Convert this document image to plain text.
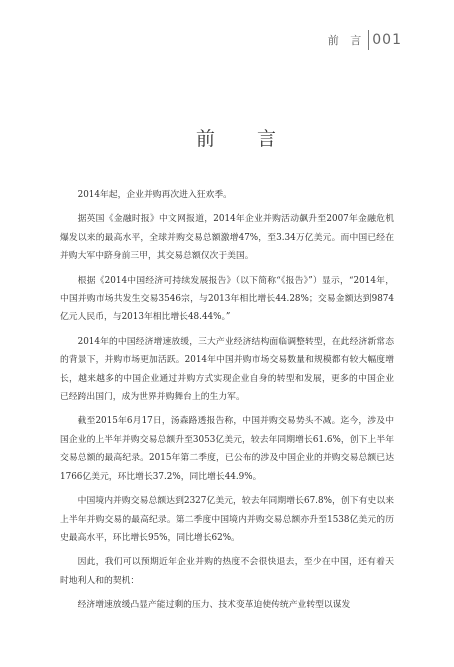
前 言 001
前 言

2014年起，企业并购再次进入狂欢季。

据英国《金融时报》中文网报道，2014年企业并购活动飙升至2007年金融危机爆发以来的最高水平，全球并购交易总额激增47%，至3.34万亿美元。而中国已经在并购大军中跻身前三甲，其交易总额仅次于美国。

根据《2014中国经济可持续发展报告》（以下简称“《报告》”）显示，“2014年，中国并购市场共发生交易3546宗，与2013年相比增长44.28%；交易金额达到9874亿元人民币，与2013年相比增长48.44%。”

2014年的中国经济增速放缓，三大产业经济结构面临调整转型，在此经济新常态的背景下，并购市场更加活跃。2014年中国并购市场交易数量和规模都有较大幅度增长，越来越多的中国企业通过并购方式实现企业自身的转型和发展，更多的中国企业已经跨出国门，成为世界并购舞台上的生力军。

截至2015年6月17日，汤森路透报告称，中国并购交易势头不减。迄今，涉及中国企业的上半年并购交易总额升至3053亿美元，较去年同期增长61.6%，创下上半年交易总额的最高纪录。2015年第二季度，已公布的涉及中国企业的并购交易总额已达1766亿美元，环比增长37.2%，同比增长44.9%。

中国境内并购交易总额达到2327亿美元，较去年同期增长67.8%，创下有史以来上半年并购交易的最高纪录。第二季度中国境内并购交易总额亦升至1538亿美元的历史最高水平，环比增长95%，同比增长62%。

因此，我们可以预期近年企业并购的热度不会很快退去，至少在中国，还有着天时地利人和的契机：

经济增速放缓凸显产能过剩的压力、技术变革迫使传统产业转型以谋发
